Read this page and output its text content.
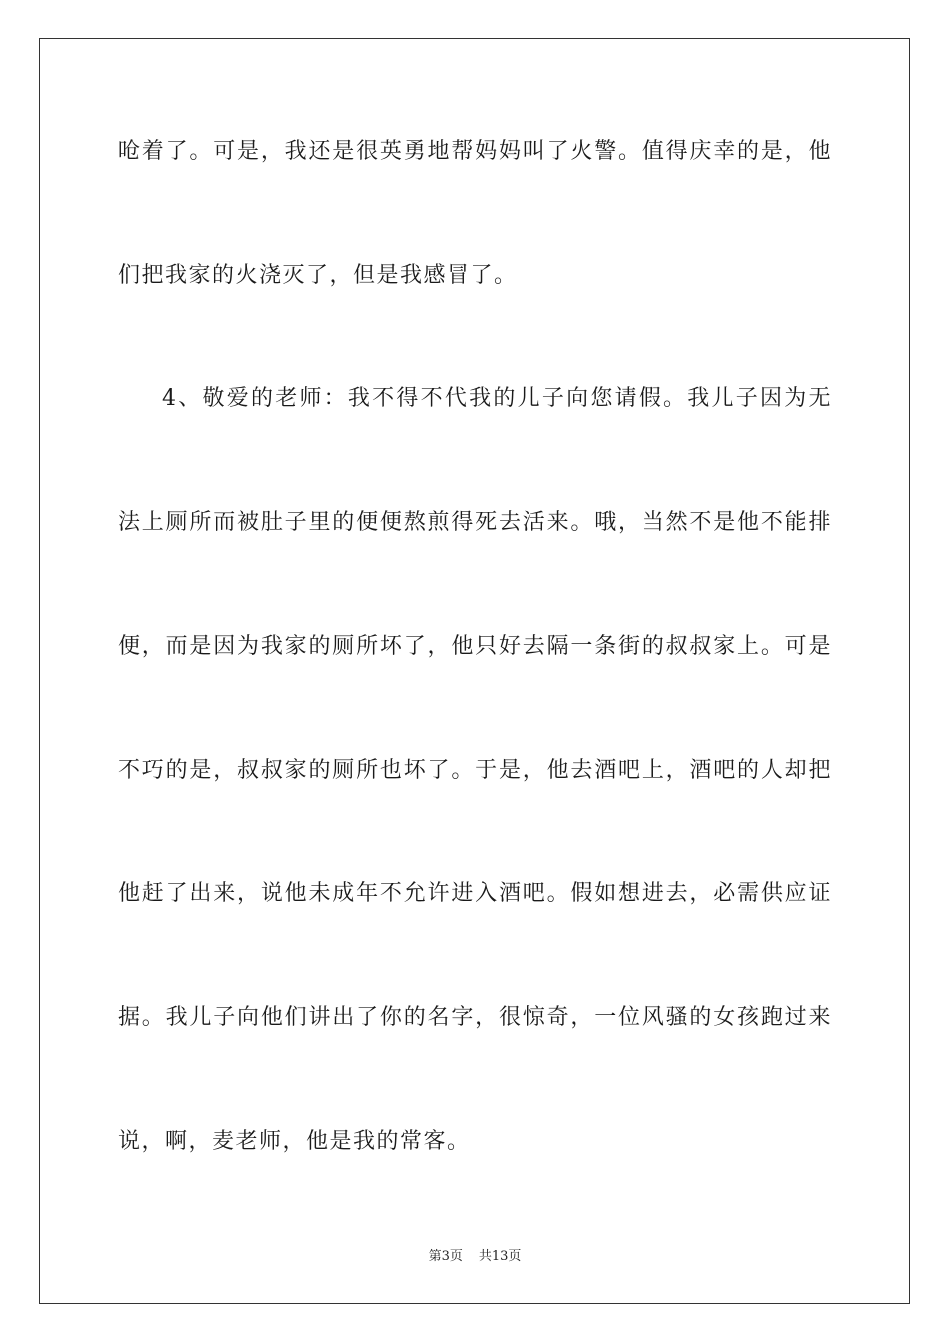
呛着了。可是，我还是很英勇地帮妈妈叫了火警。值得庆幸的是，他
们把我家的火浇灭了，但是我感冒了。
4、敬爱的老师：我不得不代我的儿子向您请假。我儿子因为无
法上厕所而被肚子里的便便熬煎得死去活来。哦，当然不是他不能排
便，而是因为我家的厕所坏了，他只好去隔一条街的叔叔家上。可是
不巧的是，叔叔家的厕所也坏了。于是，他去酒吧上，酒吧的人却把
他赶了出来，说他未成年不允许进入酒吧。假如想进去，必需供应证
据。我儿子向他们讲出了你的名字，很惊奇，一位风骚的女孩跑过来
说，啊，麦老师，他是我的常客。
第3页 共13页
